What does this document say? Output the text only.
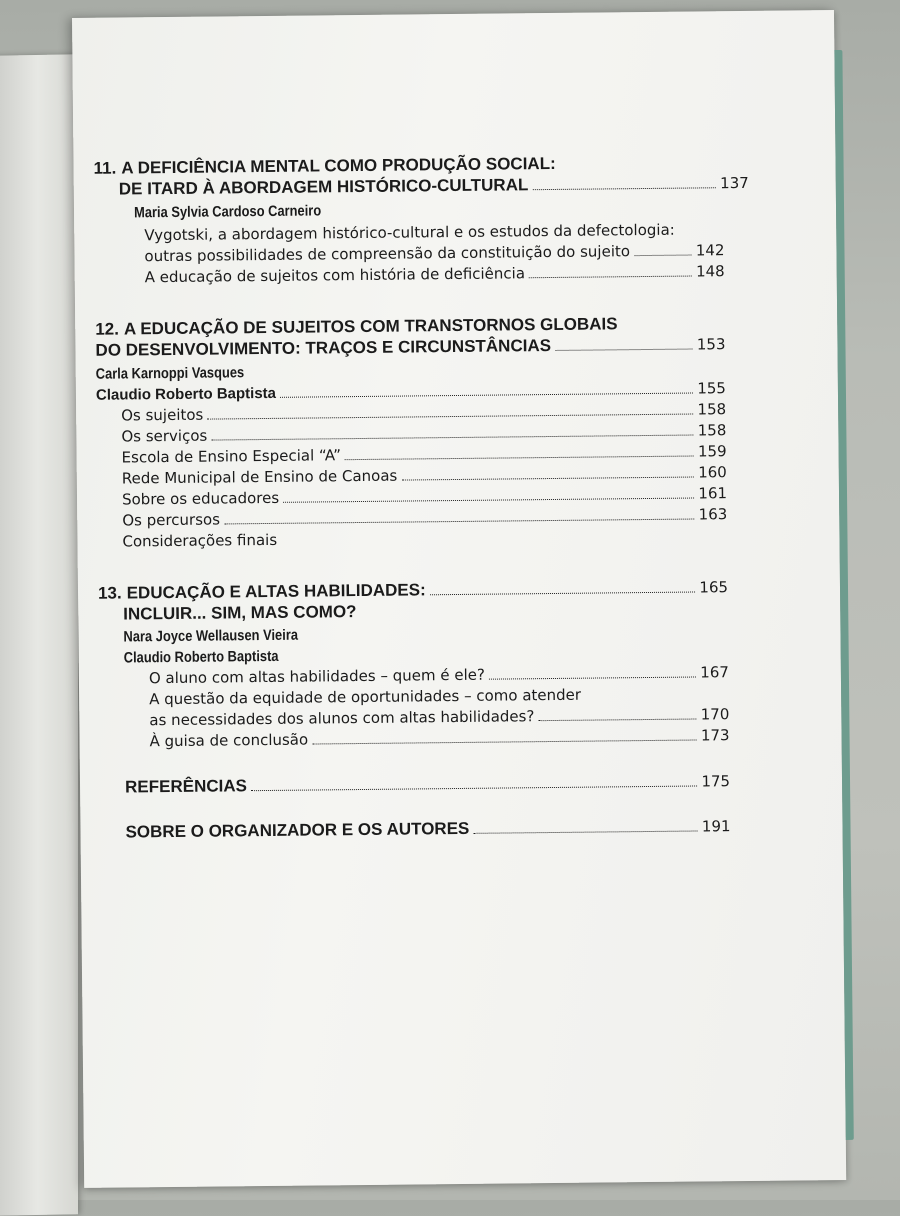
11. A DEFICIÊNCIA MENTAL COMO PRODUÇÃO SOCIAL:
DE ITARD À ABORDAGEM HISTÓRICO-CULTURAL	137
Maria Sylvia Cardoso Carneiro
Vygotski, a abordagem histórico-cultural e os estudos da defectologia:
outras possibilidades de compreensão da constituição do sujeito	142
A educação de sujeitos com história de deficiência	148
12. A EDUCAÇÃO DE SUJEITOS COM TRANSTORNOS GLOBAIS
DO DESENVOLVIMENTO: TRAÇOS E CIRCUNSTÂNCIAS	153
Carla Karnoppi Vasques
Claudio Roberto Baptista	155
Os sujeitos	158
Os serviços	158
Escola de Ensino Especial “A”	159
Rede Municipal de Ensino de Canoas	160
Sobre os educadores	161
Os percursos	163
Considerações finais
13. EDUCAÇÃO E ALTAS HABILIDADES:	165
INCLUIR... SIM, MAS COMO?
Nara Joyce Wellausen Vieira
Claudio Roberto Baptista
O aluno com altas habilidades – quem é ele?	167
A questão da equidade de oportunidades – como atender
as necessidades dos alunos com altas habilidades?	170
À guisa de conclusão	173
REFERÊNCIAS	175
SOBRE O ORGANIZADOR E OS AUTORES	191
